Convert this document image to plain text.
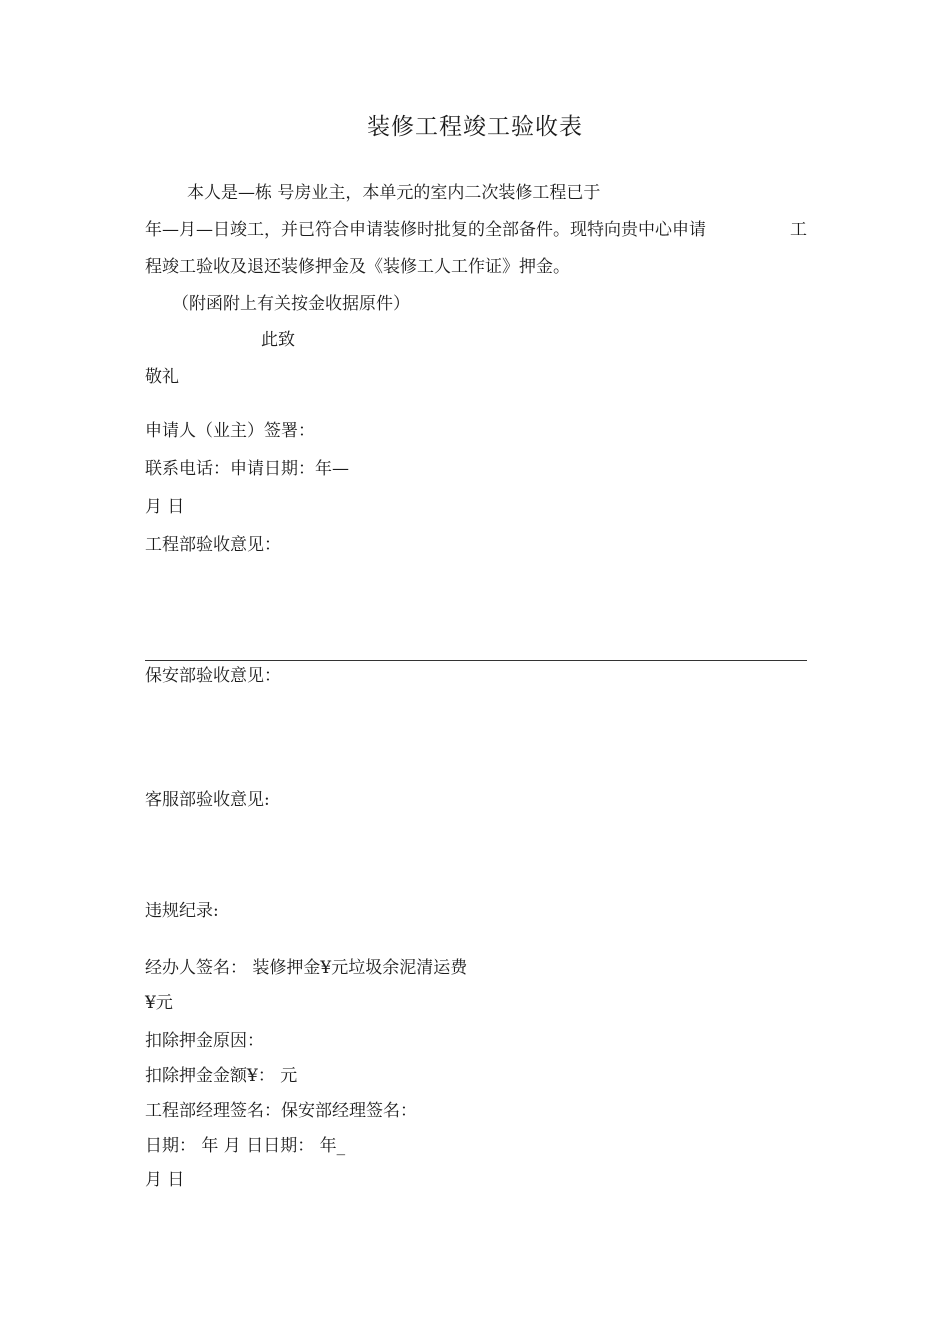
装修工程竣工验收表
本人是—栋 号房业主，本单元的室内二次装修工程已于
年—月—日竣工，并已符合申请装修时批复的全部备件。现特向贵中心申请	工
程竣工验收及退还装修押金及《装修工人工作证》押金。
（附函附上有关按金收据原件）
此致
敬礼
申请人（业主）签署：
联系电话：申请日期：年—
月 日
工程部验收意见：
保安部验收意见：
客服部验收意见:
违规纪录:
经办人签名： 装修押金¥元垃圾余泥清运费
¥元
扣除押金原因：
扣除押金金额¥： 元
工程部经理签名：保安部经理签名：
日期： 年 月 日日期： 年_
月 日
